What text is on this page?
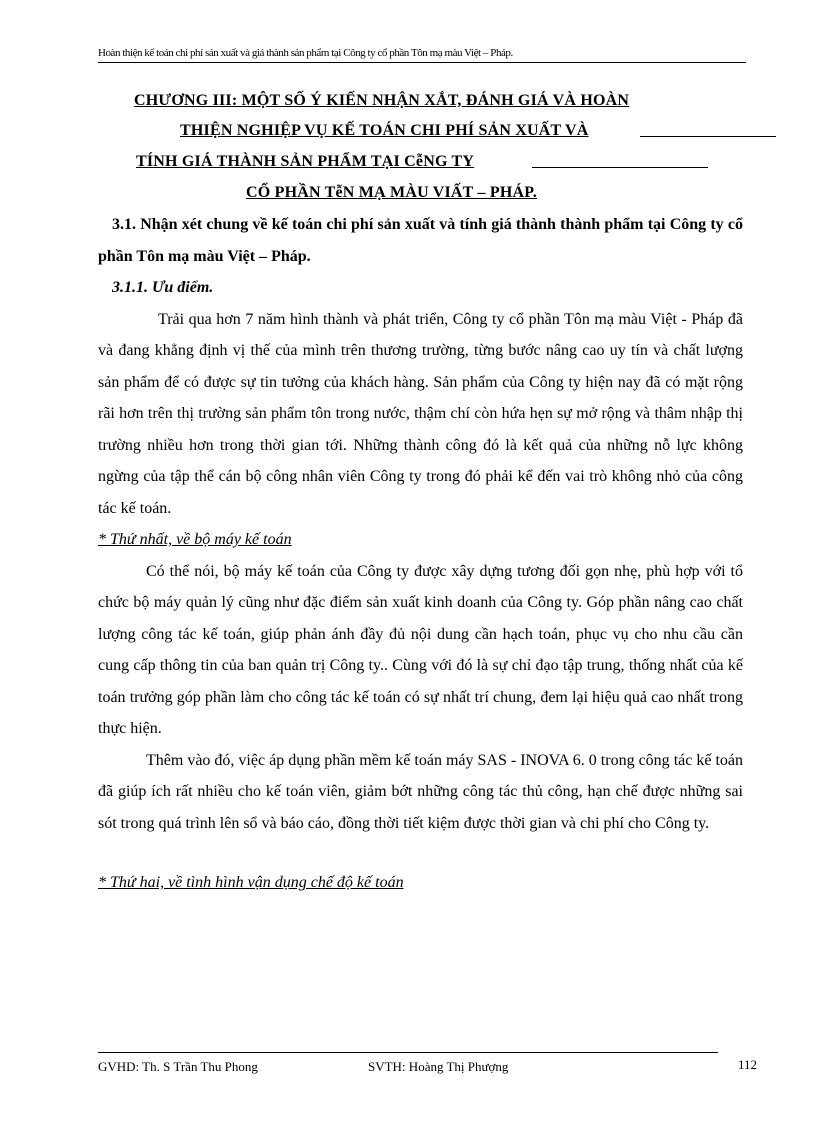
Hoàn thiện kế toán chi phí sản xuất và giá thành sản phẩm tại Công ty cổ phần Tôn mạ màu Việt – Pháp.
CHƯƠNG III: MỘT SỐ Ý KIẾN NHẬN XẮT, ĐÁNH GIÁ VÀ HOÀN
THIỆN NGHIỆP VỤ KẾ TOÁN CHI PHÍ SẢN XUẤT VÀ
TÍNH GIÁ THÀNH SẢN PHẨM TẠI CễNG TY
CỔ PHẦN TễN MẠ MÀU VIẤT – PHÁP.

3.1. Nhận xét chung về kế toán chi phí sản xuất và tính giá thành thành phẩm tại Công ty cổ phần Tôn mạ màu Việt – Pháp.

3.1.1. Ưu điểm.

Trải qua hơn 7 năm hình thành và phát triển, Công ty cổ phần Tôn mạ màu Việt - Pháp đã và đang khẳng định vị thế của mình trên thương trường, từng bước nâng cao uy tín và chất lượng sản phẩm để có được sự tin tưởng của khách hàng. Sản phẩm của Công ty hiện nay đã có mặt rộng rãi hơn trên thị trường sản phẩm tôn trong nước, thậm chí còn hứa hẹn sự mở rộng và thâm nhập thị trường nhiều hơn trong thời gian tới. Những thành công đó là kết quả của những nỗ lực không ngừng của tập thể cán bộ công nhân viên Công ty trong đó phải kể đến vai trò không nhỏ của công tác kế toán.

* Thứ nhất, về bộ máy kế toán

Có thể nói, bộ máy kế toán của Công ty được xây dựng tương đối gọn nhẹ, phù hợp với tổ chức bộ máy quản lý cũng như đặc điểm sản xuất kinh doanh của Công ty. Góp phần nâng cao chất lượng công tác kế toán, giúp phản ánh đầy đủ nội dung cần hạch toán, phục vụ cho nhu cầu cần cung cấp thông tin của ban quản trị Công ty.. Cùng với đó là sự chỉ đạo tập trung, thống nhất của kế toán trưởng góp phần làm cho công tác kế toán có sự nhất trí chung, đem lại hiệu quả cao nhất trong thực hiện.

Thêm vào đó, việc áp dụng phần mềm kế toán máy SAS - INOVA 6. 0 trong công tác kế toán đã giúp ích rất nhiều cho kế toán viên, giảm bớt những công tác thủ công, hạn chế được những sai sót trong quá trình lên sổ và báo cáo, đồng thời tiết kiệm được thời gian và chi phí cho Công ty.

* Thứ hai, về tình hình vận dụng chế độ kế toán

GVHD: Th. S Trần Thu Phong	SVTH: Hoàng Thị Phượng	112
